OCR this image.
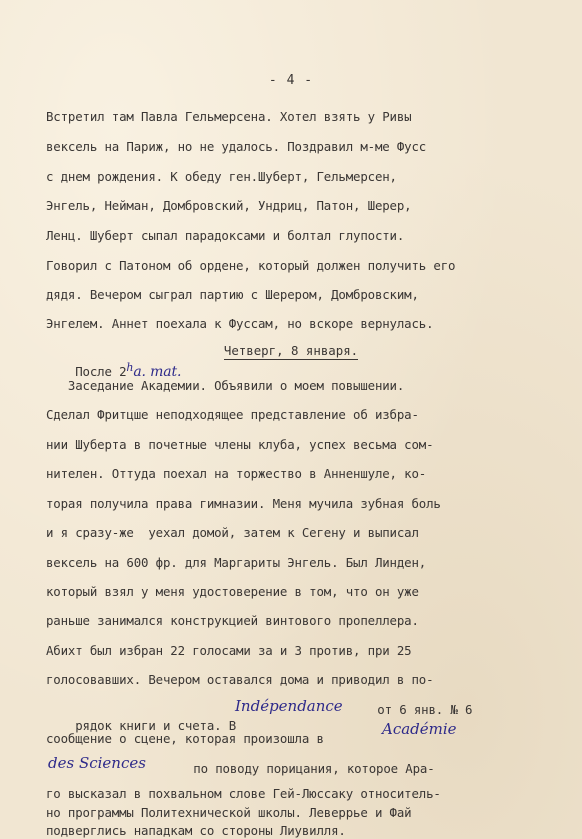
- 4 -
Встретил там Павла Гельмерсена. Хотел взять у Ривы
вексель на Париж, но не удалось. Поздравил м-ме Фусс
с днем рождения. К обеду ген.Шуберт, Гельмерсен,
Энгель, Нейман, Домбровский, Ундриц, Патон, Шерер,
Ленц. Шуберт сыпал парадоксами и болтал глупости.
Говорил с Патоном об ордене, который должен получить его
дядя. Вечером сыграл партию с Шерером, Домбровским,
Энгелем. Аннет поехала к Фуссам, но вскоре вернулась.

После 2ha. mat.

Четверг, 8 января.
Заседание Академии. Объявили о моем повышении.
Сделал Фритцше неподходящее представление об избра-
нии Шуберта в почетные члены клуба, успех весьма сом-
нителен. Оттуда поехал на торжество в Анненшуле, ко-
торая получила права гимназии. Меня мучила зубная боль
и я сразу-же  уехал домой, затем к Сегену и выписал
вексель на 600 фр. для Маргариты Энгель. Был Линден,
который взял у меня удостоверение в том, что он уже
раньше занимался конструкцией винтового пропеллера.
Абихт был избран 22 голосами за и 3 против, при 25
голосовавших. Вечером оставался дома и приводил в по-

рядок книги и счета. В

Indépendance от 6 янв. № 6
сообщение о сцене, которая произошла в
Académie
des Sciences	по поводу порицания, которое Ара-
го высказал в похвальном слове Гей-Люссаку относитель-
но программы Политехнической школы. Леверрье и Фай
подверглись нападкам со стороны Лиувилля.
